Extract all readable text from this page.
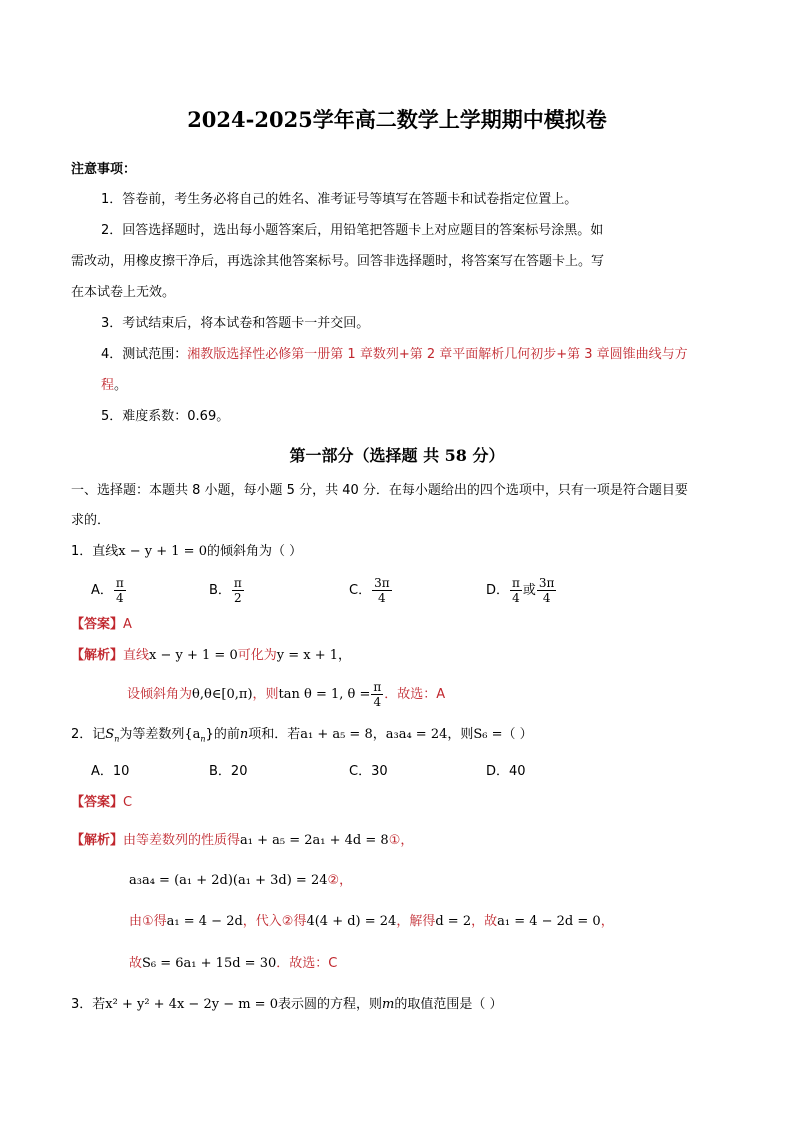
2024-2025学年高二数学上学期期中模拟卷
注意事项：
1．答卷前，考生务必将自己的姓名、准考证号等填写在答题卡和试卷指定位置上。
2．回答选择题时，选出每小题答案后，用铅笔把答题卡上对应题目的答案标号涂黑。如
需改动，用橡皮擦干净后，再选涂其他答案标号。回答非选择题时，将答案写在答题卡上。写
在本试卷上无效。
3．考试结束后，将本试卷和答题卡一并交回。
4．测试范围：湘教版选择性必修第一册第 1 章数列+第 2 章平面解析几何初步+第 3 章圆锥曲线与方
程。
5．难度系数：0.69。
第一部分（选择题 共 58 分）
一、选择题：本题共 8 小题，每小题 5 分，共 40 分．在每小题给出的四个选项中，只有一项是符合题目要
求的．
1．直线x − y + 1 = 0的倾斜角为（ ）
A． $\frac{\pi}{4}$	B． $\frac{\pi}{2}$	C． $\frac{3\pi}{4}$	D． $\frac{\pi}{4}$ 或 $\frac{3\pi}{4}$
【答案】A
【解析】直线x − y + 1 = 0可化为y = x + 1，
设倾斜角为θ,θ∈[0,π)，则tan θ = 1, $\theta = \frac{\pi}{4}$ ．故选：A
2．记$S_n$为等差数列$\{a_n\}$的前n项和．若a₁ + a₅ = 8，a₃a₄ = 24，则S₆ =（ ）
A．10	B．20	C．30	D．40
【答案】C
【解析】由等差数列的性质得a₁ + a₅ = 2a₁ + 4d = 8①，
a₃a₄ = (a₁ + 2d)(a₁ + 3d) = 24②，
由①得a₁ = 4 − 2d，代入②得4(4 + d) = 24，解得d = 2，故a₁ = 4 − 2d = 0，
故S₆ = 6a₁ + 15d = 30．故选：C
3．若x² + y² + 4x − 2y − m = 0表示圆的方程，则m的取值范围是（ ）
